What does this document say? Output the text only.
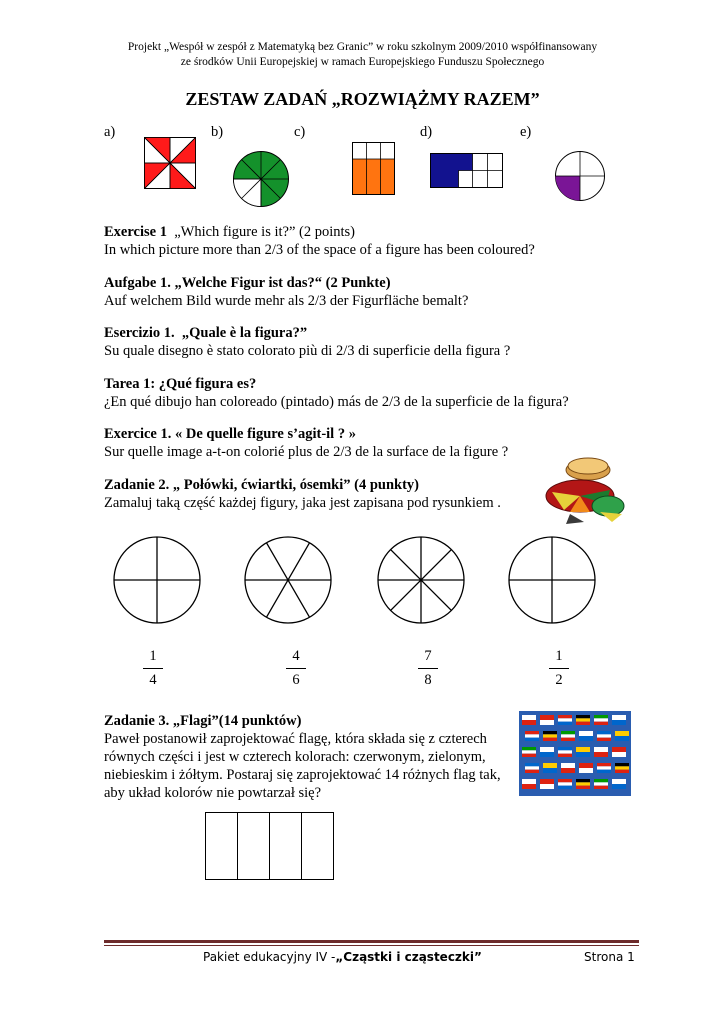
Projekt „Wespół w zespół z Matematyką bez Granic” w roku szkolnym 2009/2010 współfinansowany
ze środków Unii Europejskiej w ramach Europejskiego Funduszu Społecznego
ZESTAW ZADAŃ „ROZWIĄŻMY RAZEM”
a)	b)	c)	d)	e)
Exercise 1  „Which figure is it?” (2 points)
In which picture more than 2/3 of the space of a figure has been coloured?
Aufgabe 1. „Welche Figur ist das?“ (2 Punkte)
Auf welchem Bild wurde mehr als 2/3 der Figurfläche bemalt?
Esercizio 1.  „Quale è la figura?”
Su quale disegno è stato colorato più di 2/3 di superficie della figura ?
Tarea 1: ¿Qué figura es?
¿En qué dibujo han coloreado (pintado) más de 2/3 de la superficie de la figura?
Exercice 1. « De quelle figure s’agit-il ? »
Sur quelle image a-t-on colorié plus de 2/3 de la surface de la figure ?
Zadanie 2. „ Połówki, ćwiartki, ósemki” (4 punkty)
Zamaluj taką część każdej figury, jaka jest zapisana pod rysunkiem .
1
4
4
6
7
8
1
2
Zadanie 3. „Flagi”(14 punktów)
Paweł postanowił zaprojektować flagę, która składa się z czterech
równych części i jest w czterech kolorach: czerwonym, zielonym,
niebieskim i żółtym. Postaraj się zaprojektować 14 różnych flag tak,
aby układ kolorów nie powtarzał się?
Pakiet edukacyjny IV -„Cząstki i cząsteczki”	Strona 1
